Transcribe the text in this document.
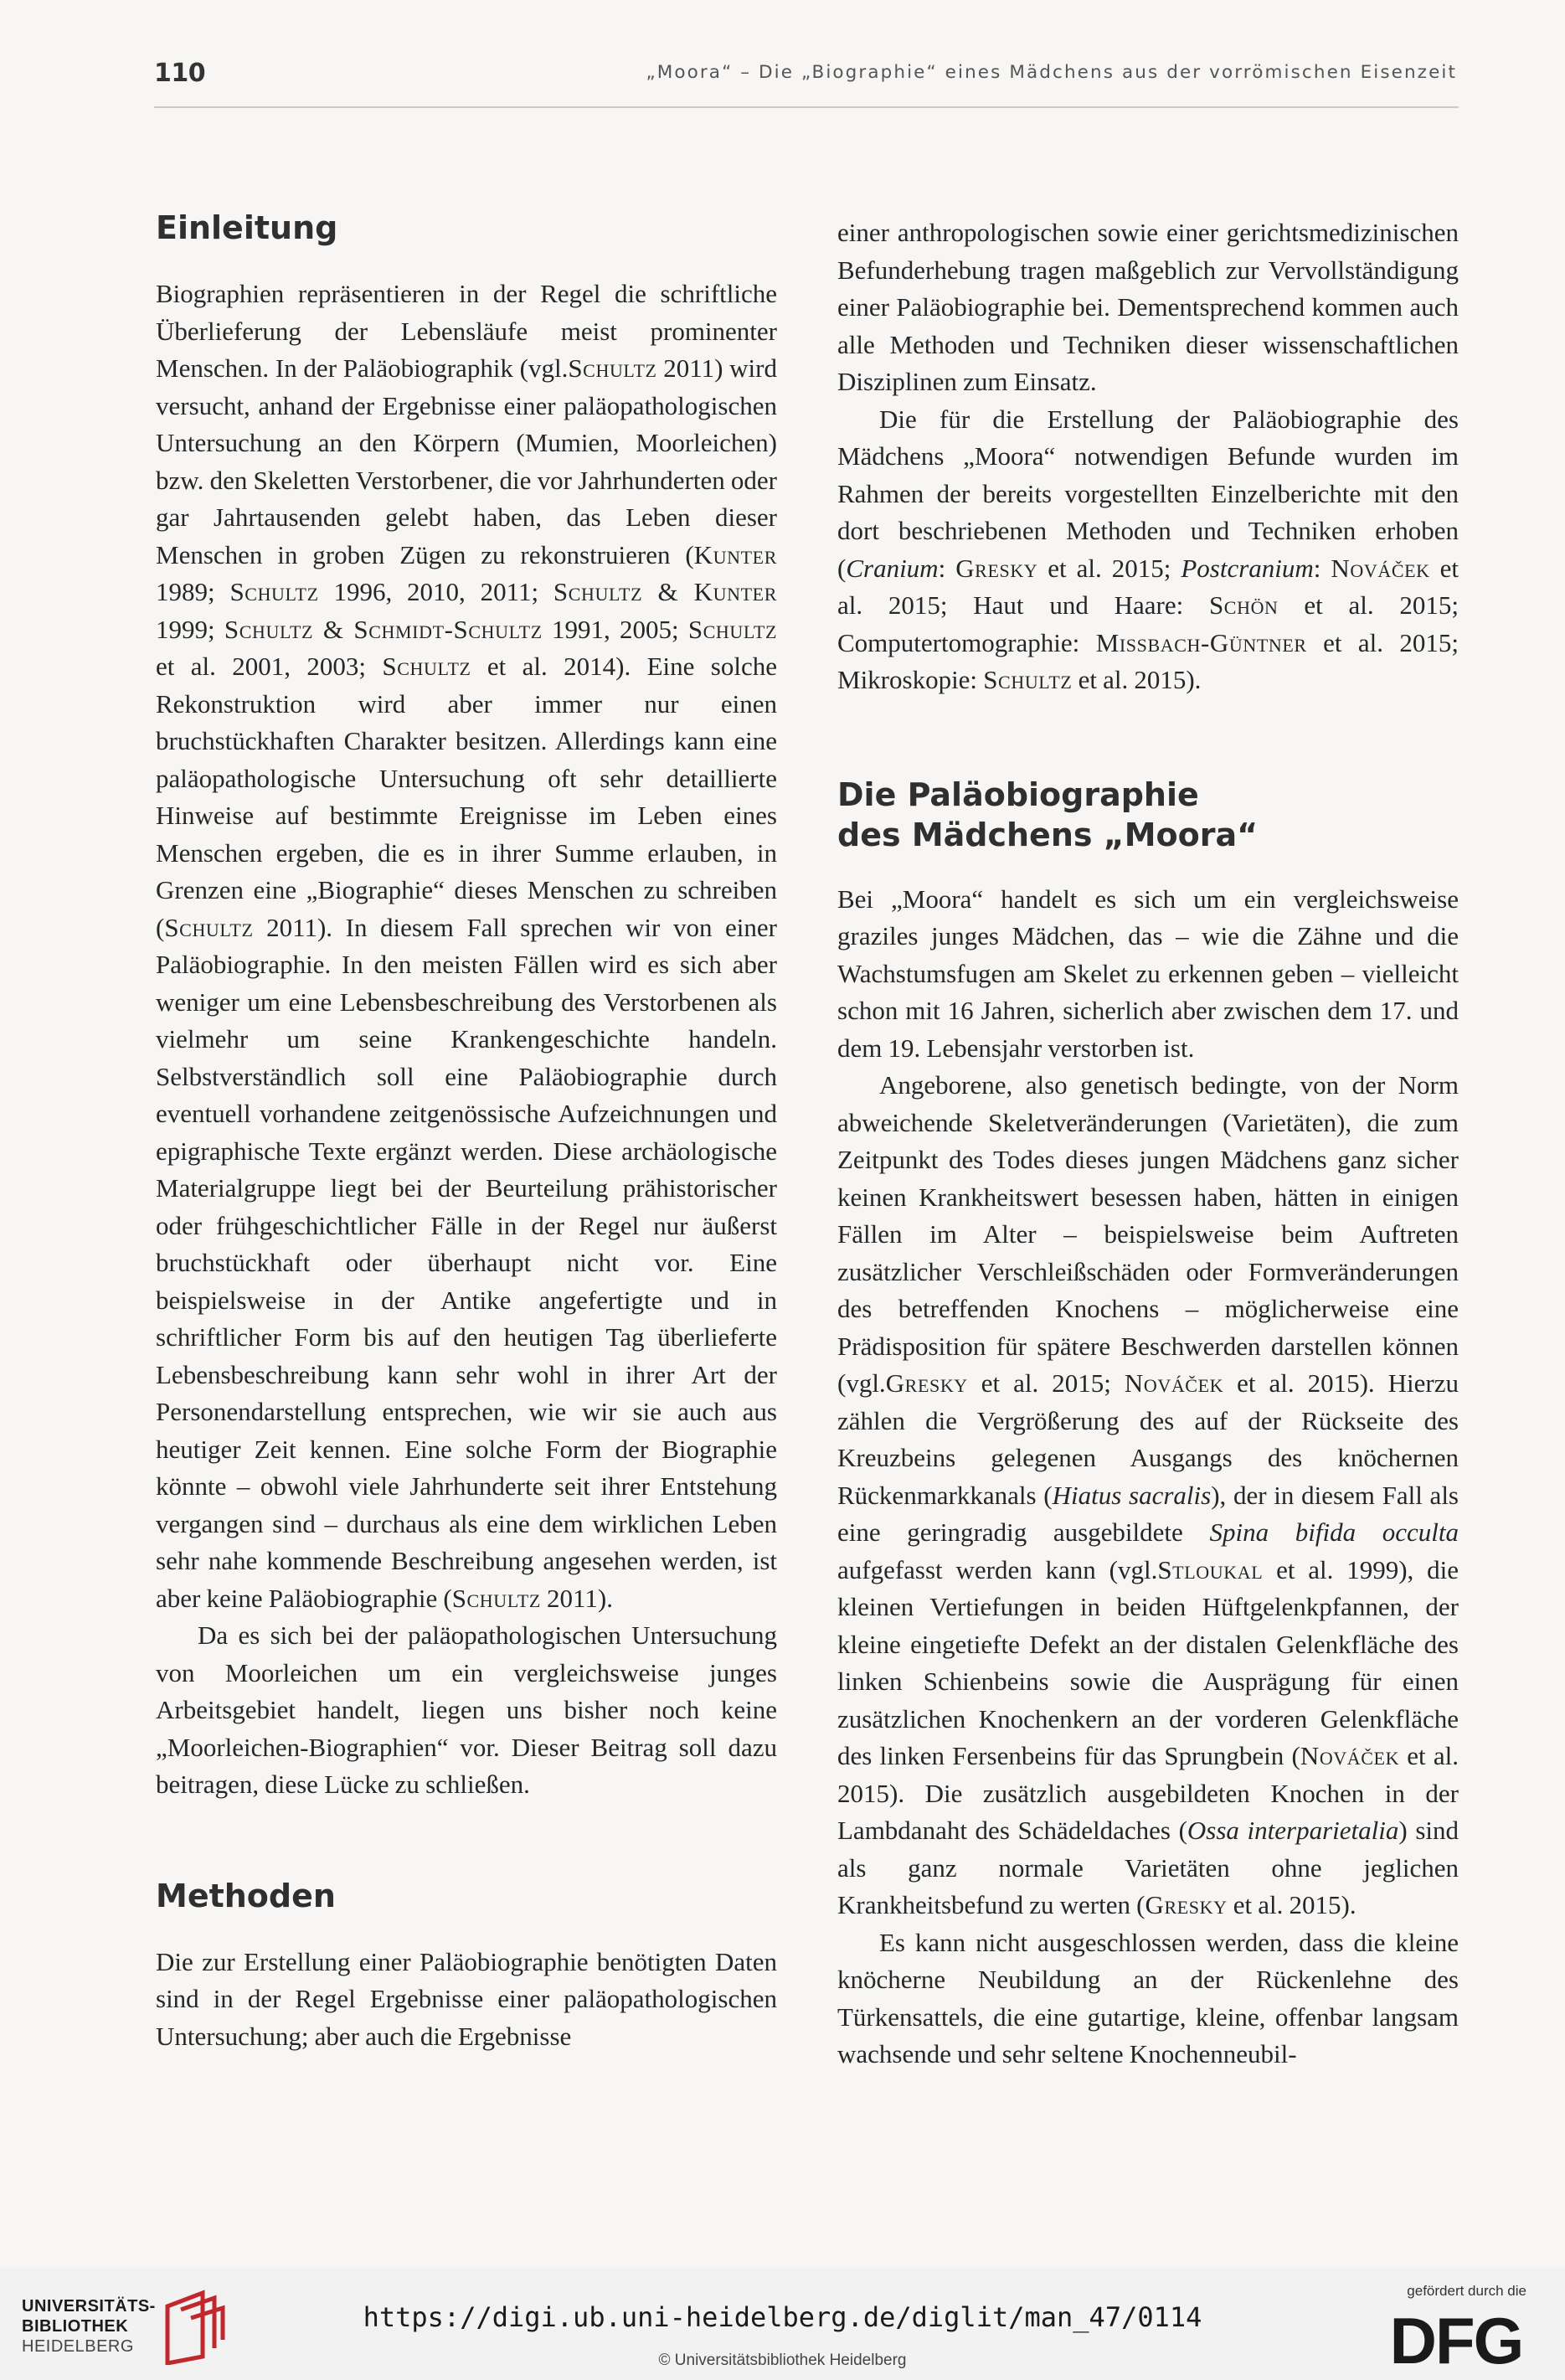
110	„Moora“ – Die „Biographie“ eines Mädchens aus der vorrömischen Eisenzeit
Einleitung

Biographien repräsentieren in der Regel die schriftliche Überlieferung der Lebensläufe meist prominenter Menschen. In der Paläobiographik (vgl.Schultz 2011) wird versucht, anhand der Ergebnisse einer paläopathologischen Untersuchung an den Körpern (Mumien, Moorleichen) bzw. den Skeletten Verstorbener, die vor Jahrhunderten oder gar Jahrtausenden gelebt haben, das Leben dieser Menschen in groben Zügen zu rekonstruieren (Kunter 1989; Schultz 1996, 2010, 2011; Schultz & Kunter 1999; Schultz & Schmidt-Schultz 1991, 2005; Schultz et al. 2001, 2003; Schultz et al. 2014). Eine solche Rekonstruktion wird aber immer nur einen bruchstückhaften Charakter besitzen. Allerdings kann eine paläopathologische Untersuchung oft sehr detaillierte Hinweise auf bestimmte Ereignisse im Leben eines Menschen ergeben, die es in ihrer Summe erlauben, in Grenzen eine „Biographie“ dieses Menschen zu schreiben (Schultz 2011). In diesem Fall sprechen wir von einer Paläobiographie. In den meisten Fällen wird es sich aber weniger um eine Lebensbeschreibung des Verstorbenen als vielmehr um seine Krankengeschichte handeln. Selbstverständlich soll eine Paläobiographie durch eventuell vorhandene zeitgenössische Aufzeichnungen und epigraphische Texte ergänzt werden. Diese archäologische Materialgruppe liegt bei der Beurteilung prähistorischer oder frühgeschichtlicher Fälle in der Regel nur äußerst bruchstückhaft oder überhaupt nicht vor. Eine beispielsweise in der Antike angefertigte und in schriftlicher Form bis auf den heutigen Tag überlieferte Lebensbeschreibung kann sehr wohl in ihrer Art der Personendarstellung entsprechen, wie wir sie auch aus heutiger Zeit kennen. Eine solche Form der Biographie könnte – obwohl viele Jahrhunderte seit ihrer Entstehung vergangen sind – durchaus als eine dem wirklichen Leben sehr nahe kommende Beschreibung angesehen werden, ist aber keine Paläobiographie (Schultz 2011).

Da es sich bei der paläopathologischen Untersuchung von Moorleichen um ein vergleichsweise junges Arbeitsgebiet handelt, liegen uns bisher noch keine „Moorleichen-Biographien“ vor. Dieser Beitrag soll dazu beitragen, diese Lücke zu schließen.

Methoden

Die zur Erstellung einer Paläobiographie benötigten Daten sind in der Regel Ergebnisse einer paläopathologischen Untersuchung; aber auch die Ergebnisse

einer anthropologischen sowie einer gerichtsmedizinischen Befunderhebung tragen maßgeblich zur Vervollständigung einer Paläobiographie bei. Dementsprechend kommen auch alle Methoden und Techniken dieser wissenschaftlichen Disziplinen zum Einsatz.

Die für die Erstellung der Paläobiographie des Mädchens „Moora“ notwendigen Befunde wurden im Rahmen der bereits vorgestellten Einzelberichte mit den dort beschriebenen Methoden und Techniken erhoben (Cranium: Gresky et al. 2015; Postcranium: Nováček et al. 2015; Haut und Haare: Schön et al. 2015; Computertomographie: Missbach-Güntner et al. 2015; Mikroskopie: Schultz et al. 2015).

Die Paläobiographie des Mädchens „Moora“

Bei „Moora“ handelt es sich um ein vergleichsweise graziles junges Mädchen, das – wie die Zähne und die Wachstumsfugen am Skelet zu erkennen geben – vielleicht schon mit 16 Jahren, sicherlich aber zwischen dem 17. und dem 19. Lebensjahr verstorben ist.

Angeborene, also genetisch bedingte, von der Norm abweichende Skeletveränderungen (Varietäten), die zum Zeitpunkt des Todes dieses jungen Mädchens ganz sicher keinen Krankheitswert besessen haben, hätten in einigen Fällen im Alter – beispielsweise beim Auftreten zusätzlicher Verschleißschäden oder Formveränderungen des betreffenden Knochens – möglicherweise eine Prädisposition für spätere Beschwerden darstellen können (vgl.Gresky et al. 2015; Nováček et al. 2015). Hierzu zählen die Vergrößerung des auf der Rückseite des Kreuzbeins gelegenen Ausgangs des knöchernen Rückenmarkkanals (Hiatus sacralis), der in diesem Fall als eine geringradig ausgebildete Spina bifida occulta aufgefasst werden kann (vgl.Stloukal et al. 1999), die kleinen Vertiefungen in beiden Hüftgelenkpfannen, der kleine eingetiefte Defekt an der distalen Gelenkfläche des linken Schienbeins sowie die Ausprägung für einen zusätzlichen Knochenkern an der vorderen Gelenkfläche des linken Fersenbeins für das Sprungbein (Nováček et al. 2015). Die zusätzlich ausgebildeten Knochen in der Lambdanaht des Schädeldaches (Ossa interparietalia) sind als ganz normale Varietäten ohne jeglichen Krankheitsbefund zu werten (Gresky et al. 2015).

Es kann nicht ausgeschlossen werden, dass die kleine knöcherne Neubildung an der Rückenlehne des Türkensattels, die eine gutartige, kleine, offenbar langsam wachsende und sehr seltene Knochenneubil-

UNIVERSITÄTS-
BIBLIOTHEK
HEIDELBERG
https://digi.ub.uni-heidelberg.de/diglit/man_47/0114
© Universitätsbibliothek Heidelberg
gefördert durch die
DFG
